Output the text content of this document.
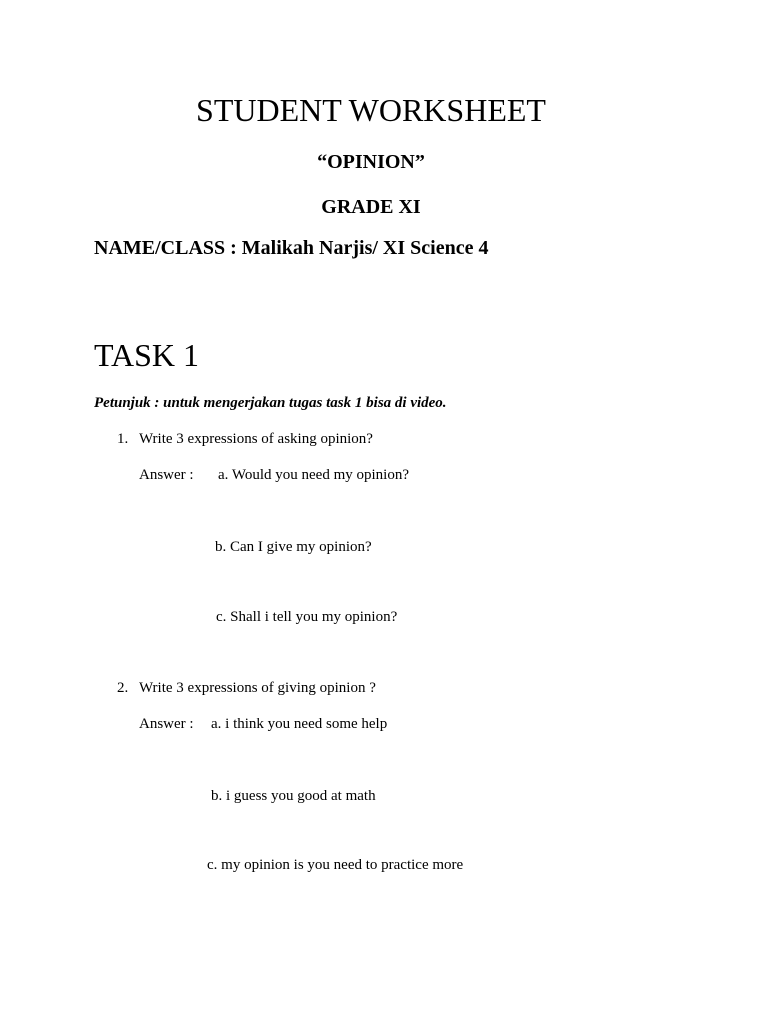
STUDENT WORKSHEET
“OPINION”
GRADE XI
NAME/CLASS : Malikah Narjis/ XI Science 4
TASK 1
Petunjuk : untuk mengerjakan tugas task 1 bisa di video.
1. Write 3 expressions of asking opinion?
Answer : a. Would you need my opinion?
b. Can I give my opinion?
c. Shall i tell you my opinion?
2. Write 3 expressions of giving opinion ?
Answer : a. i think you need some help
b. i guess you good at math
c. my opinion is you need to practice more
